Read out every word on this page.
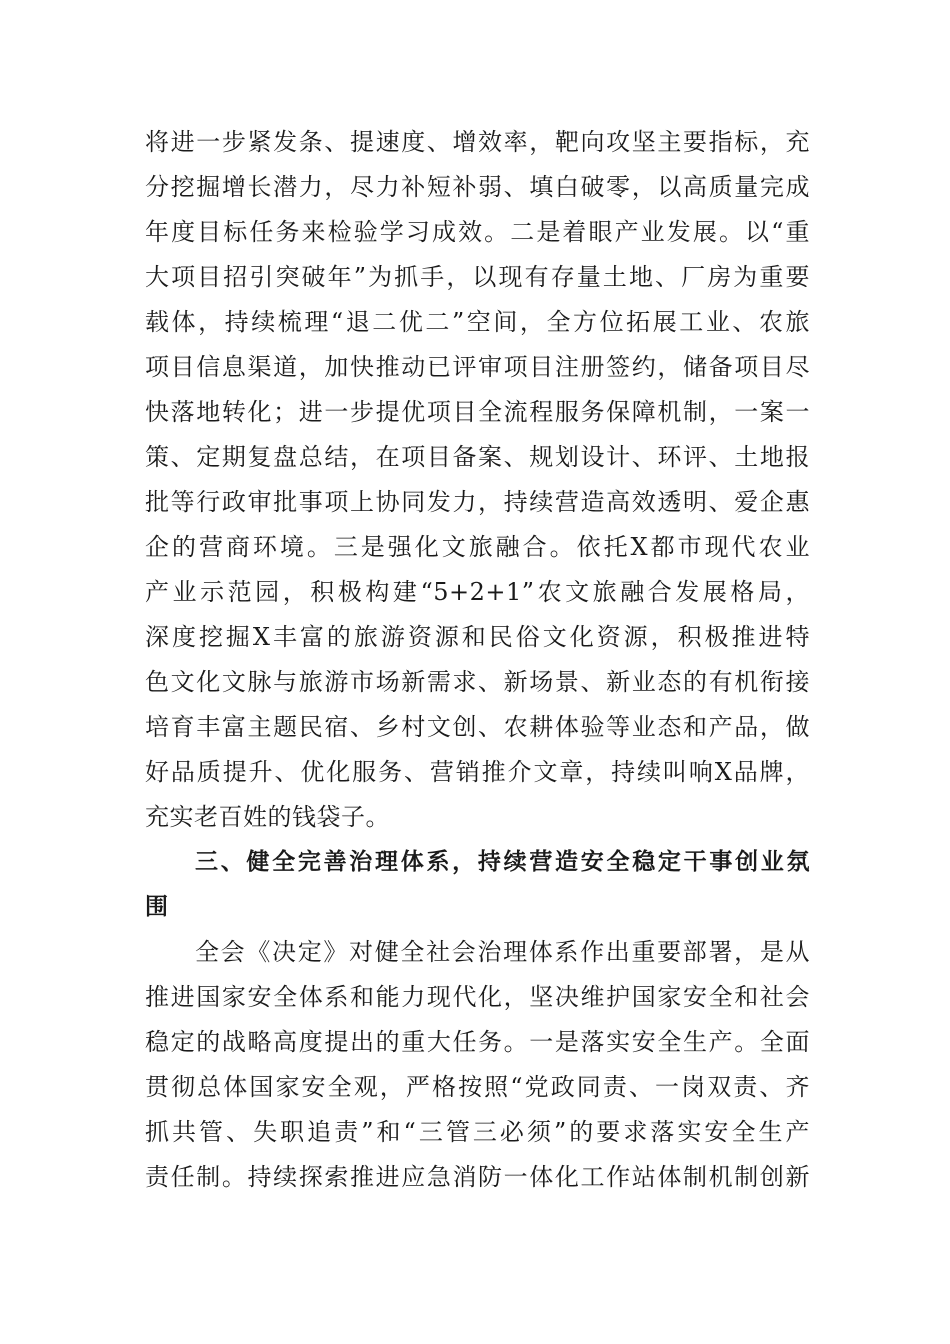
将进一步紧发条、提速度、增效率，靶向攻坚主要指标，充
分挖掘增长潜力，尽力补短补弱、填白破零，以高质量完成
年度目标任务来检验学习成效。二是着眼产业发展。以“重
大项目招引突破年”为抓手，以现有存量土地、厂房为重要
载体，持续梳理“退二优二”空间，全方位拓展工业、农旅
项目信息渠道，加快推动已评审项目注册签约，储备项目尽
快落地转化；进一步提优项目全流程服务保障机制，一案一
策、定期复盘总结，在项目备案、规划设计、环评、土地报
批等行政审批事项上协同发力，持续营造高效透明、爱企惠
企的营商环境。三是强化文旅融合。依托X都市现代农业
产业示范园，积极构建“5+2+1”农文旅融合发展格局，
深度挖掘X丰富的旅游资源和民俗文化资源，积极推进特
色文化文脉与旅游市场新需求、新场景、新业态的有机衔接
培育丰富主题民宿、乡村文创、农耕体验等业态和产品，做
好品质提升、优化服务、营销推介文章，持续叫响X品牌，
充实老百姓的钱袋子。
三、健全完善治理体系，持续营造安全稳定干事创业氛
围
全会《决定》对健全社会治理体系作出重要部署，是从
推进国家安全体系和能力现代化，坚决维护国家安全和社会
稳定的战略高度提出的重大任务。一是落实安全生产。全面
贯彻总体国家安全观，严格按照“党政同责、一岗双责、齐
抓共管、失职追责”和“三管三必须”的要求落实安全生产
责任制。持续探索推进应急消防一体化工作站体制机制创新
